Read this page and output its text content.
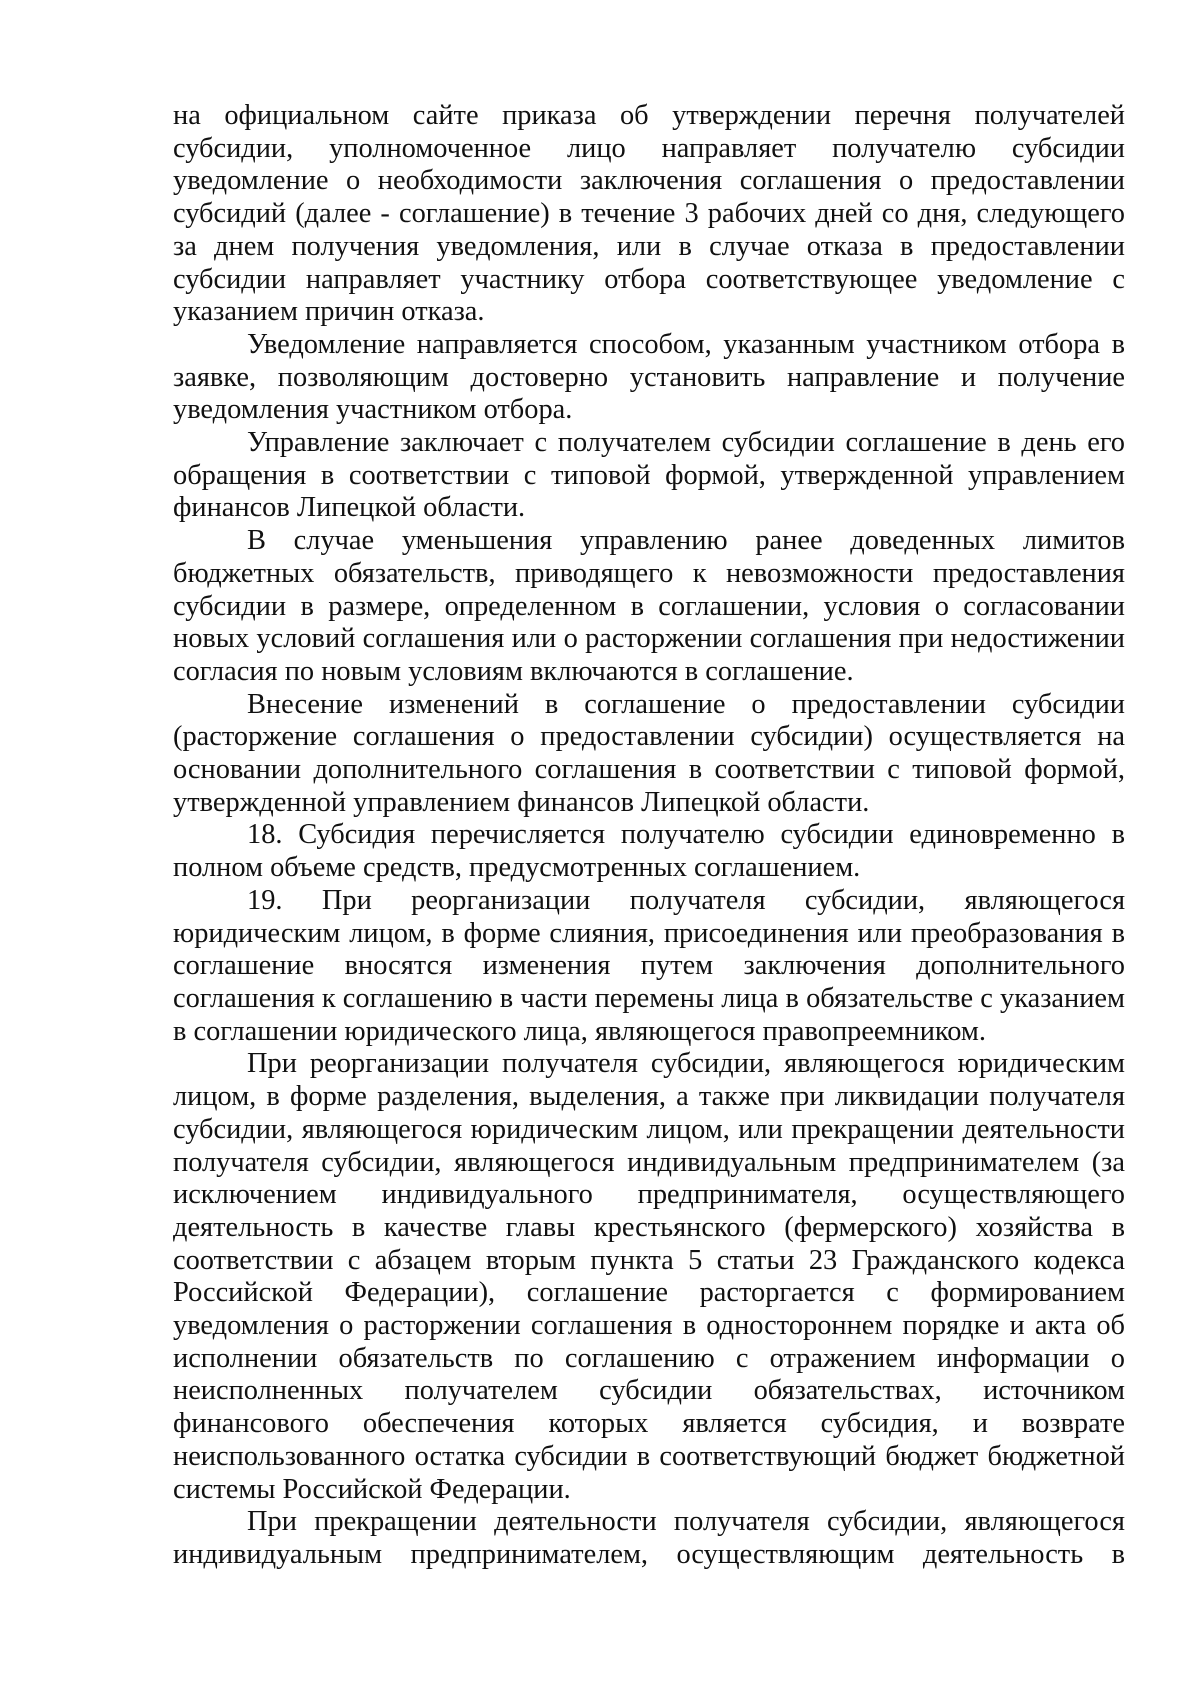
на официальном сайте приказа об утверждении перечня получателей субсидии, уполномоченное лицо направляет получателю субсидии уведомление о необходимости заключения соглашения о предоставлении субсидий (далее - соглашение) в течение 3 рабочих дней со дня, следующего за днем получения уведомления, или в случае отказа в предоставлении субсидии направляет участнику отбора соответствующее уведомление с указанием причин отказа.

Уведомление направляется способом, указанным участником отбора в заявке, позволяющим достоверно установить направление и получение уведомления участником отбора.

Управление заключает с получателем субсидии соглашение в день его обращения в соответствии с типовой формой, утвержденной управлением финансов Липецкой области.

В случае уменьшения управлению ранее доведенных лимитов бюджетных обязательств, приводящего к невозможности предоставления субсидии в размере, определенном в соглашении, условия о согласовании новых условий соглашения или о расторжении соглашения при недостижении согласия по новым условиям включаются в соглашение.

Внесение изменений в соглашение о предоставлении субсидии (расторжение соглашения о предоставлении субсидии) осуществляется на основании дополнительного соглашения в соответствии с типовой формой, утвержденной управлением финансов Липецкой области.

18. Субсидия перечисляется получателю субсидии единовременно в полном объеме средств, предусмотренных соглашением.

19. При реорганизации получателя субсидии, являющегося юридическим лицом, в форме слияния, присоединения или преобразования в соглашение вносятся изменения путем заключения дополнительного соглашения к соглашению в части перемены лица в обязательстве с указанием в соглашении юридического лица, являющегося правопреемником.

При реорганизации получателя субсидии, являющегося юридическим лицом, в форме разделения, выделения, а также при ликвидации получателя субсидии, являющегося юридическим лицом, или прекращении деятельности получателя субсидии, являющегося индивидуальным предпринимателем (за исключением индивидуального предпринимателя, осуществляющего деятельность в качестве главы крестьянского (фермерского) хозяйства в соответствии с абзацем вторым пункта 5 статьи 23 Гражданского кодекса Российской Федерации), соглашение расторгается с формированием уведомления о расторжении соглашения в одностороннем порядке и акта об исполнении обязательств по соглашению с отражением информации о неисполненных получателем субсидии обязательствах, источником финансового обеспечения которых является субсидия, и возврате неиспользованного остатка субсидии в соответствующий бюджет бюджетной системы Российской Федерации.

При прекращении деятельности получателя субсидии, являющегося индивидуальным предпринимателем, осуществляющим деятельность в
